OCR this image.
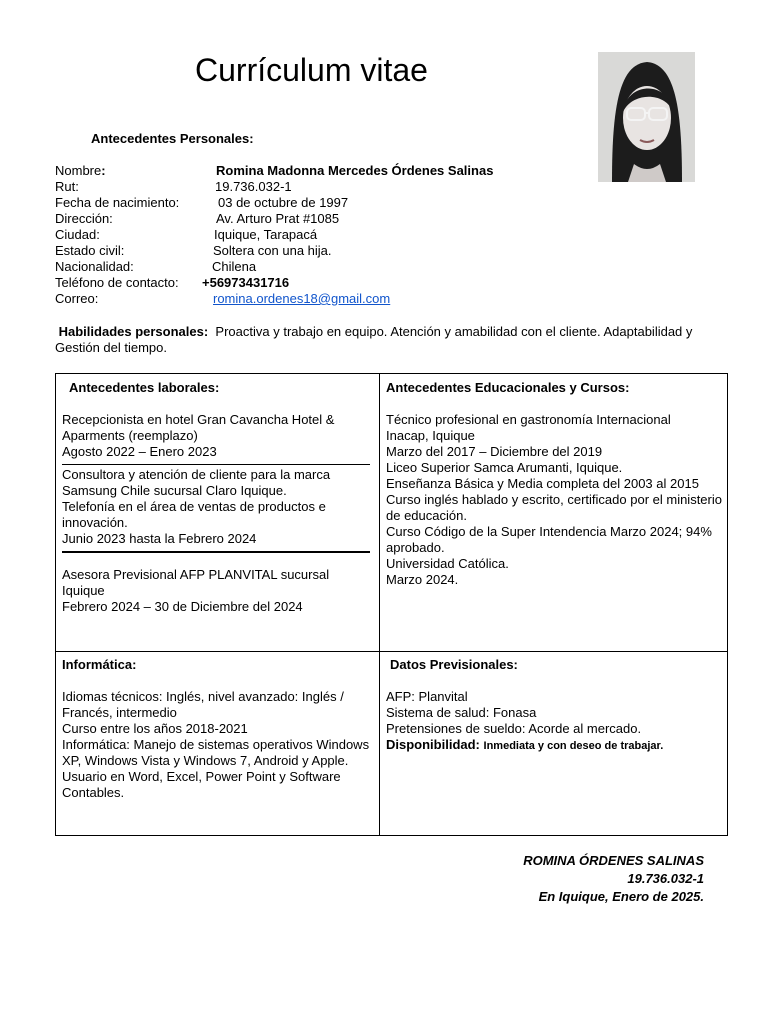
Currículum vitae
Antecedentes Personales:
Nombre:	Romina Madonna Mercedes Órdenes Salinas
Rut:	19.736.032-1
Fecha de nacimiento:	03 de octubre de 1997
Dirección:	Av. Arturo Prat #1085
Ciudad:	Iquique, Tarapacá
Estado civil:	Soltera con una hija.
Nacionalidad:	Chilena
Teléfono de contacto: +56973431716
Correo:	romina.ordenes18@gmail.com
Habilidades personales: Proactiva y trabajo en equipo. Atención y amabilidad con el cliente. Adaptabilidad y Gestión del tiempo.
Antecedentes laborales:
Recepcionista en hotel Gran Cavancha Hotel &
Aparments (reemplazo)
Agosto 2022 – Enero 2023
Consultora y atención de cliente para la marca
Samsung Chile sucursal Claro Iquique.
Telefonía en el área de ventas de productos e
innovación.
Junio 2023 hasta la Febrero 2024
Asesora Previsional AFP PLANVITAL sucursal
Iquique
Febrero 2024 – 30 de Diciembre del 2024
Antecedentes Educacionales y Cursos:
Técnico profesional en gastronomía Internacional
Inacap, Iquique
Marzo del 2017 – Diciembre del 2019
Liceo Superior Samca Arumanti, Iquique.
Enseñanza Básica y Media completa del 2003 al 2015
Curso inglés hablado y escrito, certificado por el ministerio
de educación.
Curso Código de la Super Intendencia Marzo 2024; 94%
aprobado.
Universidad Católica.
Marzo 2024.
Informática:
Idiomas técnicos: Inglés, nivel avanzado: Inglés /
Francés, intermedio
Curso entre los años 2018-2021
Informática: Manejo de sistemas operativos Windows
XP, Windows Vista y Windows 7, Android y Apple.
Usuario en Word, Excel, Power Point y Software
Contables.
Datos Previsionales:
AFP: Planvital
Sistema de salud: Fonasa
Pretensiones de sueldo: Acorde al mercado.
Disponibilidad: Inmediata y con deseo de trabajar.
ROMINA ÓRDENES SALINAS
19.736.032-1
En Iquique, Enero de 2025.
